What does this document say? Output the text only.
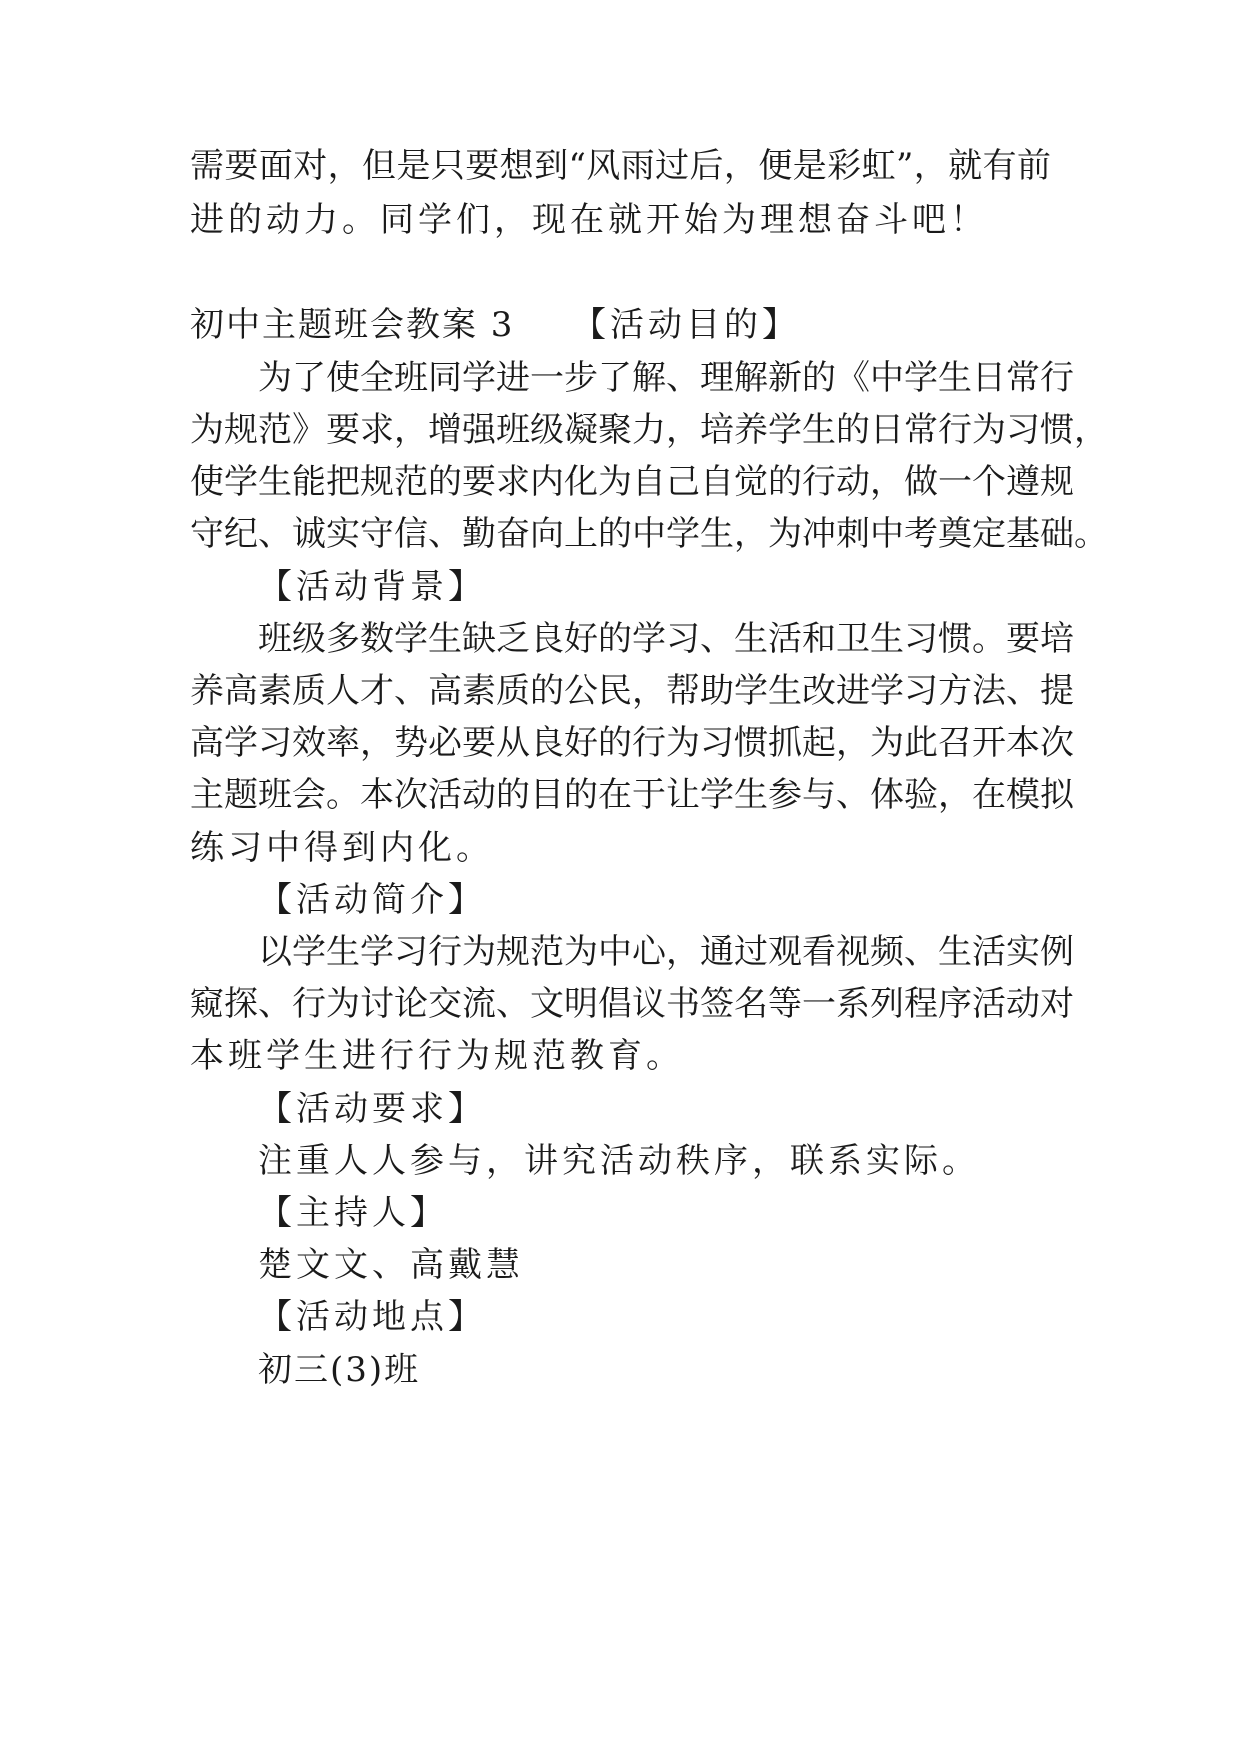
需要面对，但是只要想到“风雨过后，便是彩虹”，就有前
进的动力。同学们，现在就开始为理想奋斗吧！
初中主题班会教案 3 【活动目的】
为了使全班同学进一步了解、理解新的《中学生日常行
为规范》要求，增强班级凝聚力，培养学生的日常行为习惯，
使学生能把规范的要求内化为自己自觉的行动，做一个遵规
守纪、诚实守信、勤奋向上的中学生，为冲刺中考奠定基础。
【活动背景】
班级多数学生缺乏良好的学习、生活和卫生习惯。要培
养高素质人才、高素质的公民，帮助学生改进学习方法、提
高学习效率，势必要从良好的行为习惯抓起，为此召开本次
主题班会。本次活动的目的在于让学生参与、体验，在模拟
练习中得到内化。
【活动简介】
以学生学习行为规范为中心，通过观看视频、生活实例
窥探、行为讨论交流、文明倡议书签名等一系列程序活动对
本班学生进行行为规范教育。
【活动要求】
注重人人参与，讲究活动秩序，联系实际。
【主持人】
楚文文、高戴慧
【活动地点】
初三(3)班
